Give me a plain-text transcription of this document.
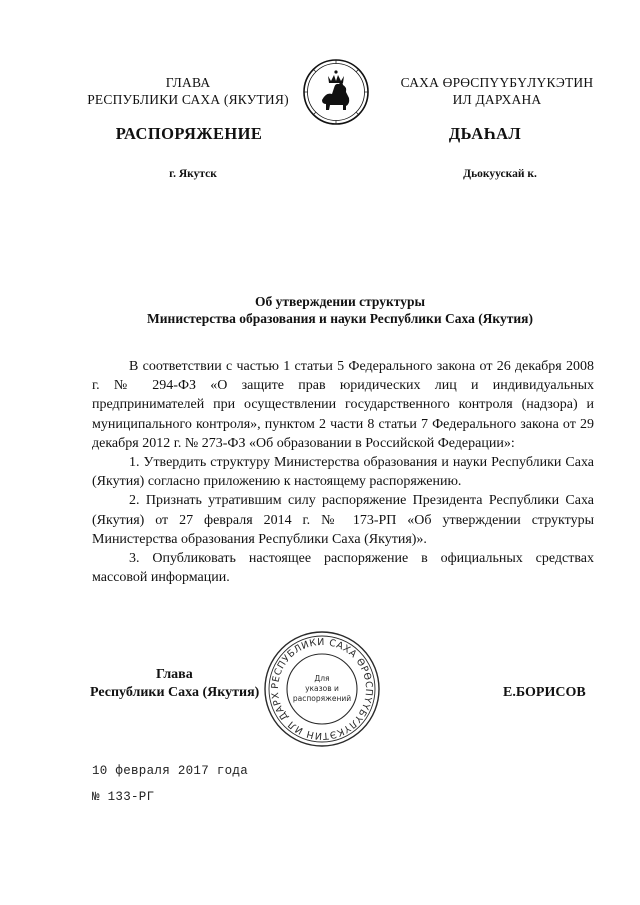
ГЛАВА
РЕСПУБЛИКИ САХА (ЯКУТИЯ)
САХА ӨРӨСПҮҮБҮЛҮКЭТИН
ИЛ ДАРХАНА
РАСПОРЯЖЕНИЕ	ДЬАҺАЛ
г. Якутск	Дьокуускай к.
Об утверждении структуры
Министерства образования и науки Республики Саха (Якутия)

В соответствии с частью 1 статьи 5 Федерального закона от 26 декабря 2008 г. № 294-ФЗ «О защите прав юридических лиц и индивидуальных предпринимателей при осуществлении государственного контроля (надзора) и муниципального контроля», пунктом 2 части 8 статьи 7 Федерального закона от 29 декабря 2012 г. № 273-ФЗ «Об образовании в Российской Федерации»:

1. Утвердить структуру Министерства образования и науки Республики Саха (Якутия) согласно приложению к настоящему распоряжению.

2. Признать утратившим силу распоряжение Президента Республики Саха (Якутия) от 27 февраля 2014 г. № 173-РП «Об утверждении структуры Министерства образования Республики Саха (Якутия)».

3. Опубликовать настоящее распоряжение в официальных средствах массовой информации.

Глава
Республики Саха (Якутия)	Е.БОРИСОВ
РЕСПУБЛИКИ САХА ӨРӨСПҮҮБҮЛҮКЭТИН ИЛ ДАРХ
Для
указов и
распоряжений
10 февраля 2017 года
№ 133-РГ
